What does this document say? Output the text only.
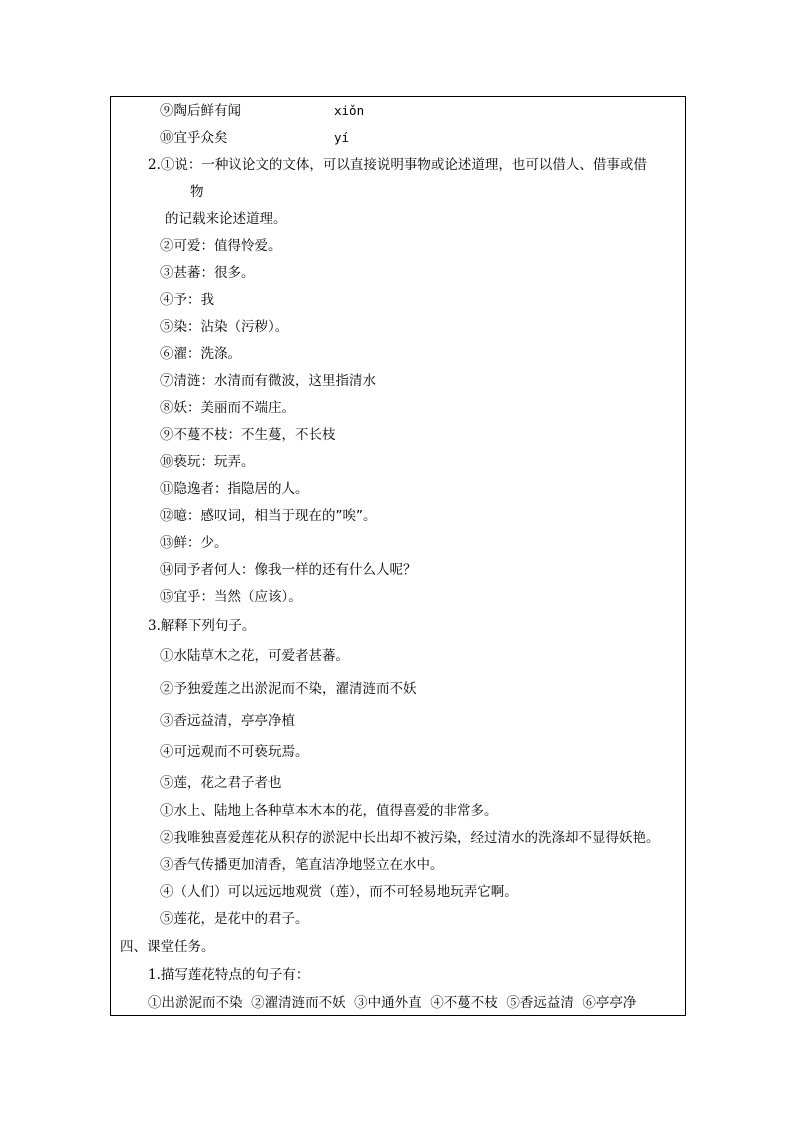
⑨陶后鲜有闻	xiǒn
⑩宜乎众矣	yí
2.①说：一种议论文的文体，可以直接说明事物或论述道理，也可以借人、借事或借
物
的记载来论述道理。
②可爱：值得怜爱。
③甚蕃：很多。
④予：我
⑤染：沾染（污秽）。
⑥濯：洗涤。
⑦清涟：水清而有微波，这里指清水
⑧妖：美丽而不端庄。
⑨不蔓不枝：不生蔓，不长枝
⑩亵玩：玩弄。
⑪隐逸者：指隐居的人。
⑫噫：感叹词，相当于现在的”唉”。
⑬鲜：少。
⑭同予者何人：像我一样的还有什么人呢？
⑮宜乎：当然（应该）。
3.解释下列句子。
①水陆草木之花，可爱者甚蕃。
②予独爱莲之出淤泥而不染，濯清涟而不妖
③香远益清，亭亭净植
④可远观而不可亵玩焉。
⑤莲，花之君子者也
①水上、陆地上各种草本木本的花，值得喜爱的非常多。
②我唯独喜爱莲花从积存的淤泥中长出却不被污染，经过清水的洗涤却不显得妖艳。
③香气传播更加清香，笔直洁净地竖立在水中。
④（人们）可以远远地观赏（莲），而不可轻易地玩弄它啊。
⑤莲花，是花中的君子。
四、课堂任务。
1.描写莲花特点的句子有：
①出淤泥而不染  ②濯清涟而不妖  ③中通外直  ④不蔓不枝  ⑤香远益清  ⑥亭亭净
